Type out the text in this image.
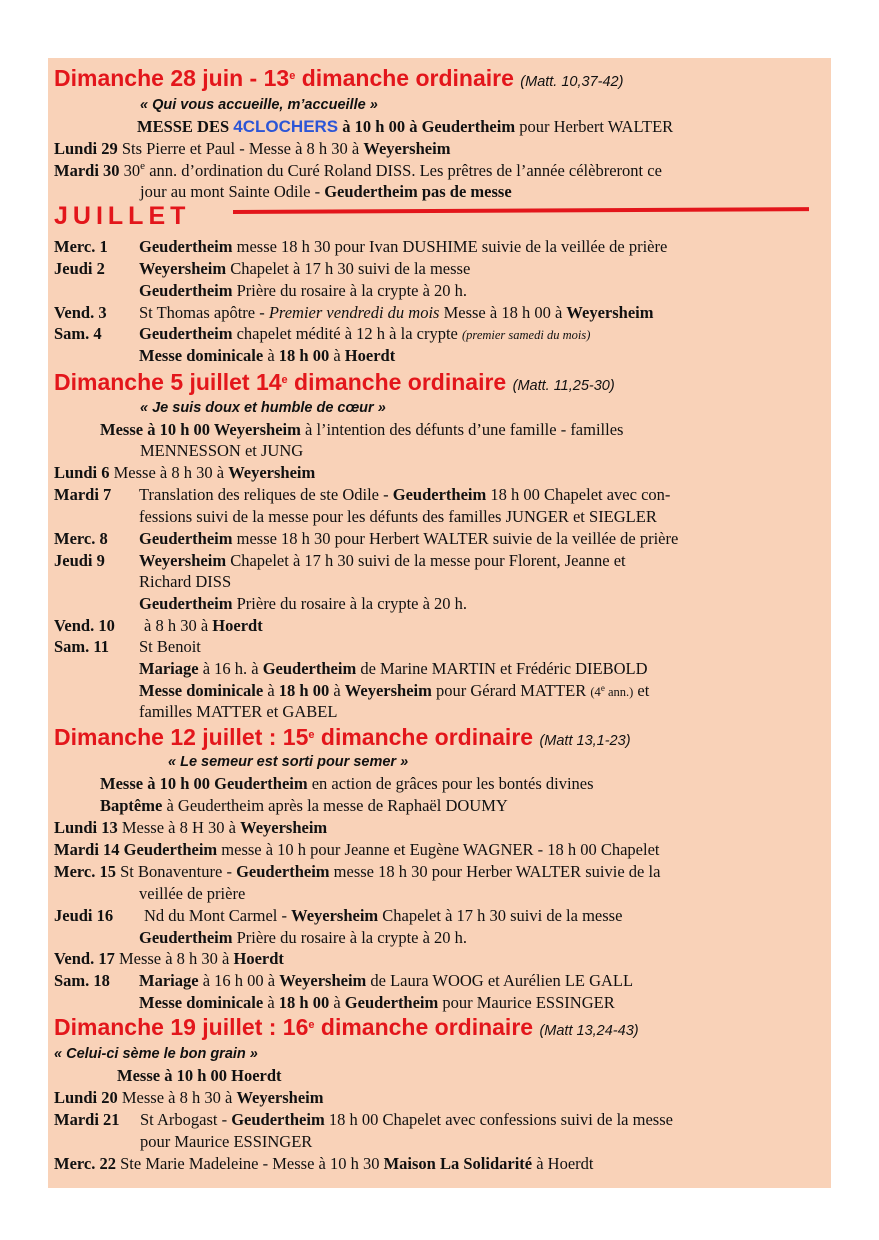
Dimanche 28 juin - 13e dimanche ordinaire (Matt. 10,37-42)
« Qui vous accueille, m’accueille »
MESSE DES 4CLOCHERS à 10 h 00 à Geudertheim pour Herbert WALTER
Lundi 29 Sts Pierre et Paul - Messe à 8 h 30 à Weyersheim
Mardi 30 30e ann. d’ordination du Curé Roland DISS. Les prêtres de l’année célèbreront ce
jour au mont Sainte Odile - Geudertheim pas de messe
JUILLET
Merc. 1 Geudertheim messe 18 h 30 pour Ivan DUSHIME suivie de la veillée de prière
Jeudi 2 Weyersheim Chapelet à 17 h 30 suivi de la messe
Geudertheim Prière du rosaire à la crypte à 20 h.
Vend. 3 St Thomas apôtre - Premier vendredi du mois Messe à 18 h 00 à Weyersheim
Sam. 4 Geudertheim chapelet médité à 12 h à la crypte (premier samedi du mois)
Messe dominicale à 18 h 00 à Hoerdt
Dimanche 5 juillet 14e dimanche ordinaire (Matt. 11,25-30)
« Je suis doux et humble de cœur »
Messe à 10 h 00 Weyersheim à l’intention des défunts d’une famille - familles
MENNESSON et JUNG
Lundi 6 Messe à 8 h 30 à Weyersheim
Mardi 7 Translation des reliques de ste Odile - Geudertheim 18 h 00 Chapelet avec con-
fessions suivi de la messe pour les défunts des familles JUNGER et SIEGLER
Merc. 8 Geudertheim messe 18 h 30 pour Herbert WALTER suivie de la veillée de prière
Jeudi 9 Weyersheim Chapelet à 17 h 30 suivi de la messe pour Florent, Jeanne et
Richard DISS
Geudertheim Prière du rosaire à la crypte à 20 h.
Vend. 10 à 8 h 30 à Hoerdt
Sam. 11 St Benoit
Mariage à 16 h. à Geudertheim de Marine MARTIN et Frédéric DIEBOLD
Messe dominicale à 18 h 00 à Weyersheim pour Gérard MATTER (4e ann.) et
familles MATTER et GABEL
Dimanche 12 juillet : 15e dimanche ordinaire (Matt 13,1-23)
« Le semeur est sorti pour semer »
Messe à 10 h 00 Geudertheim en action de grâces pour les bontés divines
Baptême à Geudertheim après la messe de Raphaël DOUMY
Lundi 13 Messe à 8 H 30 à Weyersheim
Mardi 14 Geudertheim messe à 10 h pour Jeanne et Eugène WAGNER - 18 h 00 Chapelet
Merc. 15 St Bonaventure - Geudertheim messe 18 h 30 pour Herber WALTER suivie de la
veillée de prière
Jeudi 16 Nd du Mont Carmel - Weyersheim Chapelet à 17 h 30 suivi de la messe
Geudertheim Prière du rosaire à la crypte à 20 h.
Vend. 17 Messe à 8 h 30 à Hoerdt
Sam. 18 Mariage à 16 h 00 à Weyersheim de Laura WOOG et Aurélien LE GALL
Messe dominicale à 18 h 00 à Geudertheim pour Maurice ESSINGER
Dimanche 19 juillet : 16e dimanche ordinaire (Matt 13,24-43)
« Celui-ci sème le bon grain »
Messe à 10 h 00 Hoerdt
Lundi 20 Messe à 8 h 30 à Weyersheim
Mardi 21 St Arbogast - Geudertheim 18 h 00 Chapelet avec confessions suivi de la messe
pour Maurice ESSINGER
Merc. 22 Ste Marie Madeleine - Messe à 10 h 30 Maison La Solidarité à Hoerdt
